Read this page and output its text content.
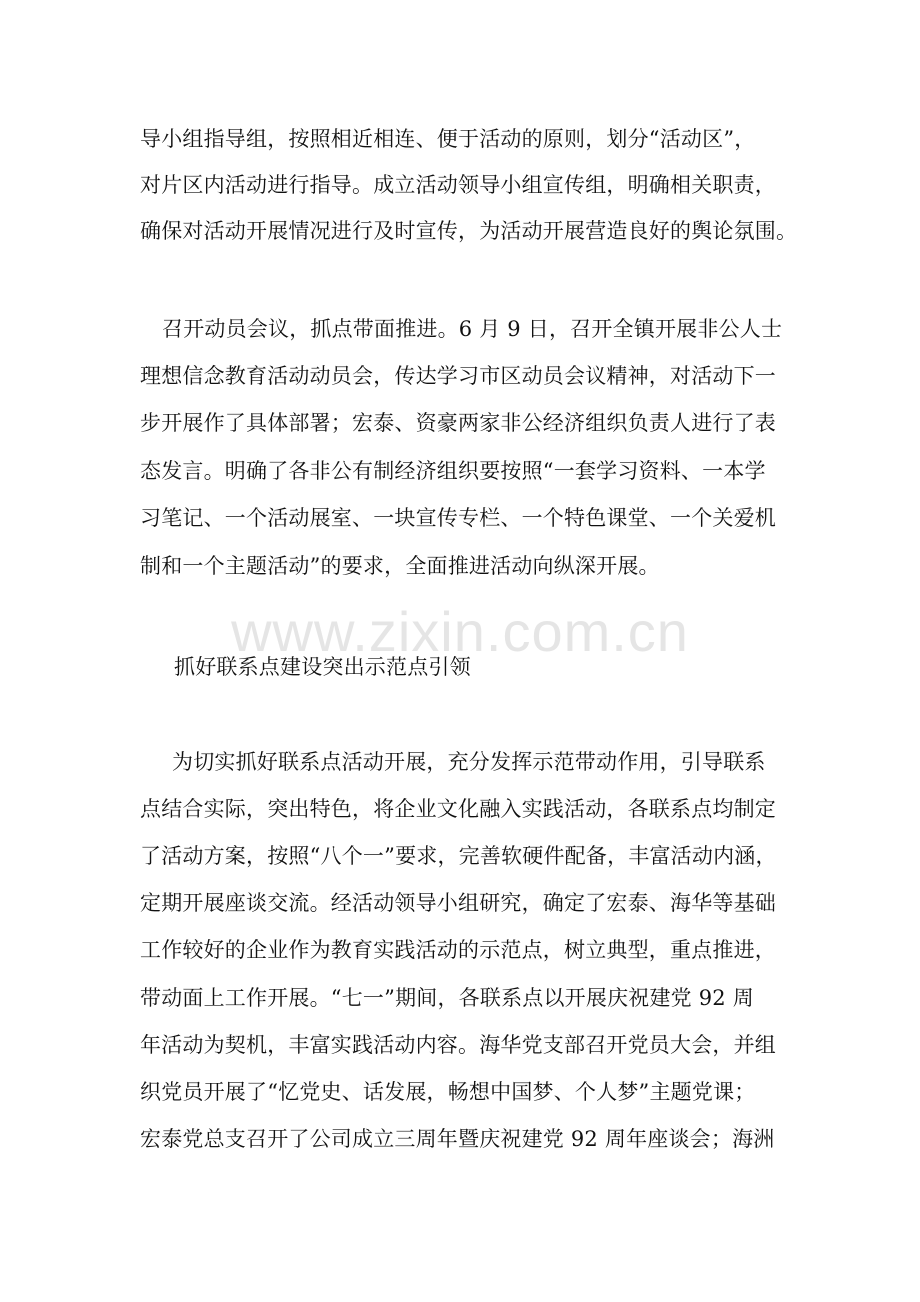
导小组指导组，按照相近相连、便于活动的原则，划分“活动区”，
对片区内活动进行指导。成立活动领导小组宣传组，明确相关职责，
确保对活动开展情况进行及时宣传，为活动开展营造良好的舆论氛围。
召开动员会议，抓点带面推进。6 月 9 日，召开全镇开展非公人士
理想信念教育活动动员会，传达学习市区动员会议精神，对活动下一
步开展作了具体部署；宏泰、资豪两家非公经济组织负责人进行了表
态发言。明确了各非公有制经济组织要按照“一套学习资料、一本学
习笔记、一个活动展室、一块宣传专栏、一个特色课堂、一个关爱机
制和一个主题活动”的要求，全面推进活动向纵深开展。
抓好联系点建设突出示范点引领
为切实抓好联系点活动开展，充分发挥示范带动作用，引导联系
点结合实际，突出特色，将企业文化融入实践活动，各联系点均制定
了活动方案，按照“八个一”要求，完善软硬件配备，丰富活动内涵，
定期开展座谈交流。经活动领导小组研究，确定了宏泰、海华等基础
工作较好的企业作为教育实践活动的示范点，树立典型，重点推进，
带动面上工作开展。“七一”期间，各联系点以开展庆祝建党 92 周
年活动为契机，丰富实践活动内容。海华党支部召开党员大会，并组
织党员开展了“忆党史、话发展，畅想中国梦、个人梦”主题党课；
宏泰党总支召开了公司成立三周年暨庆祝建党 92 周年座谈会；海洲
www.zixin.com.cn
